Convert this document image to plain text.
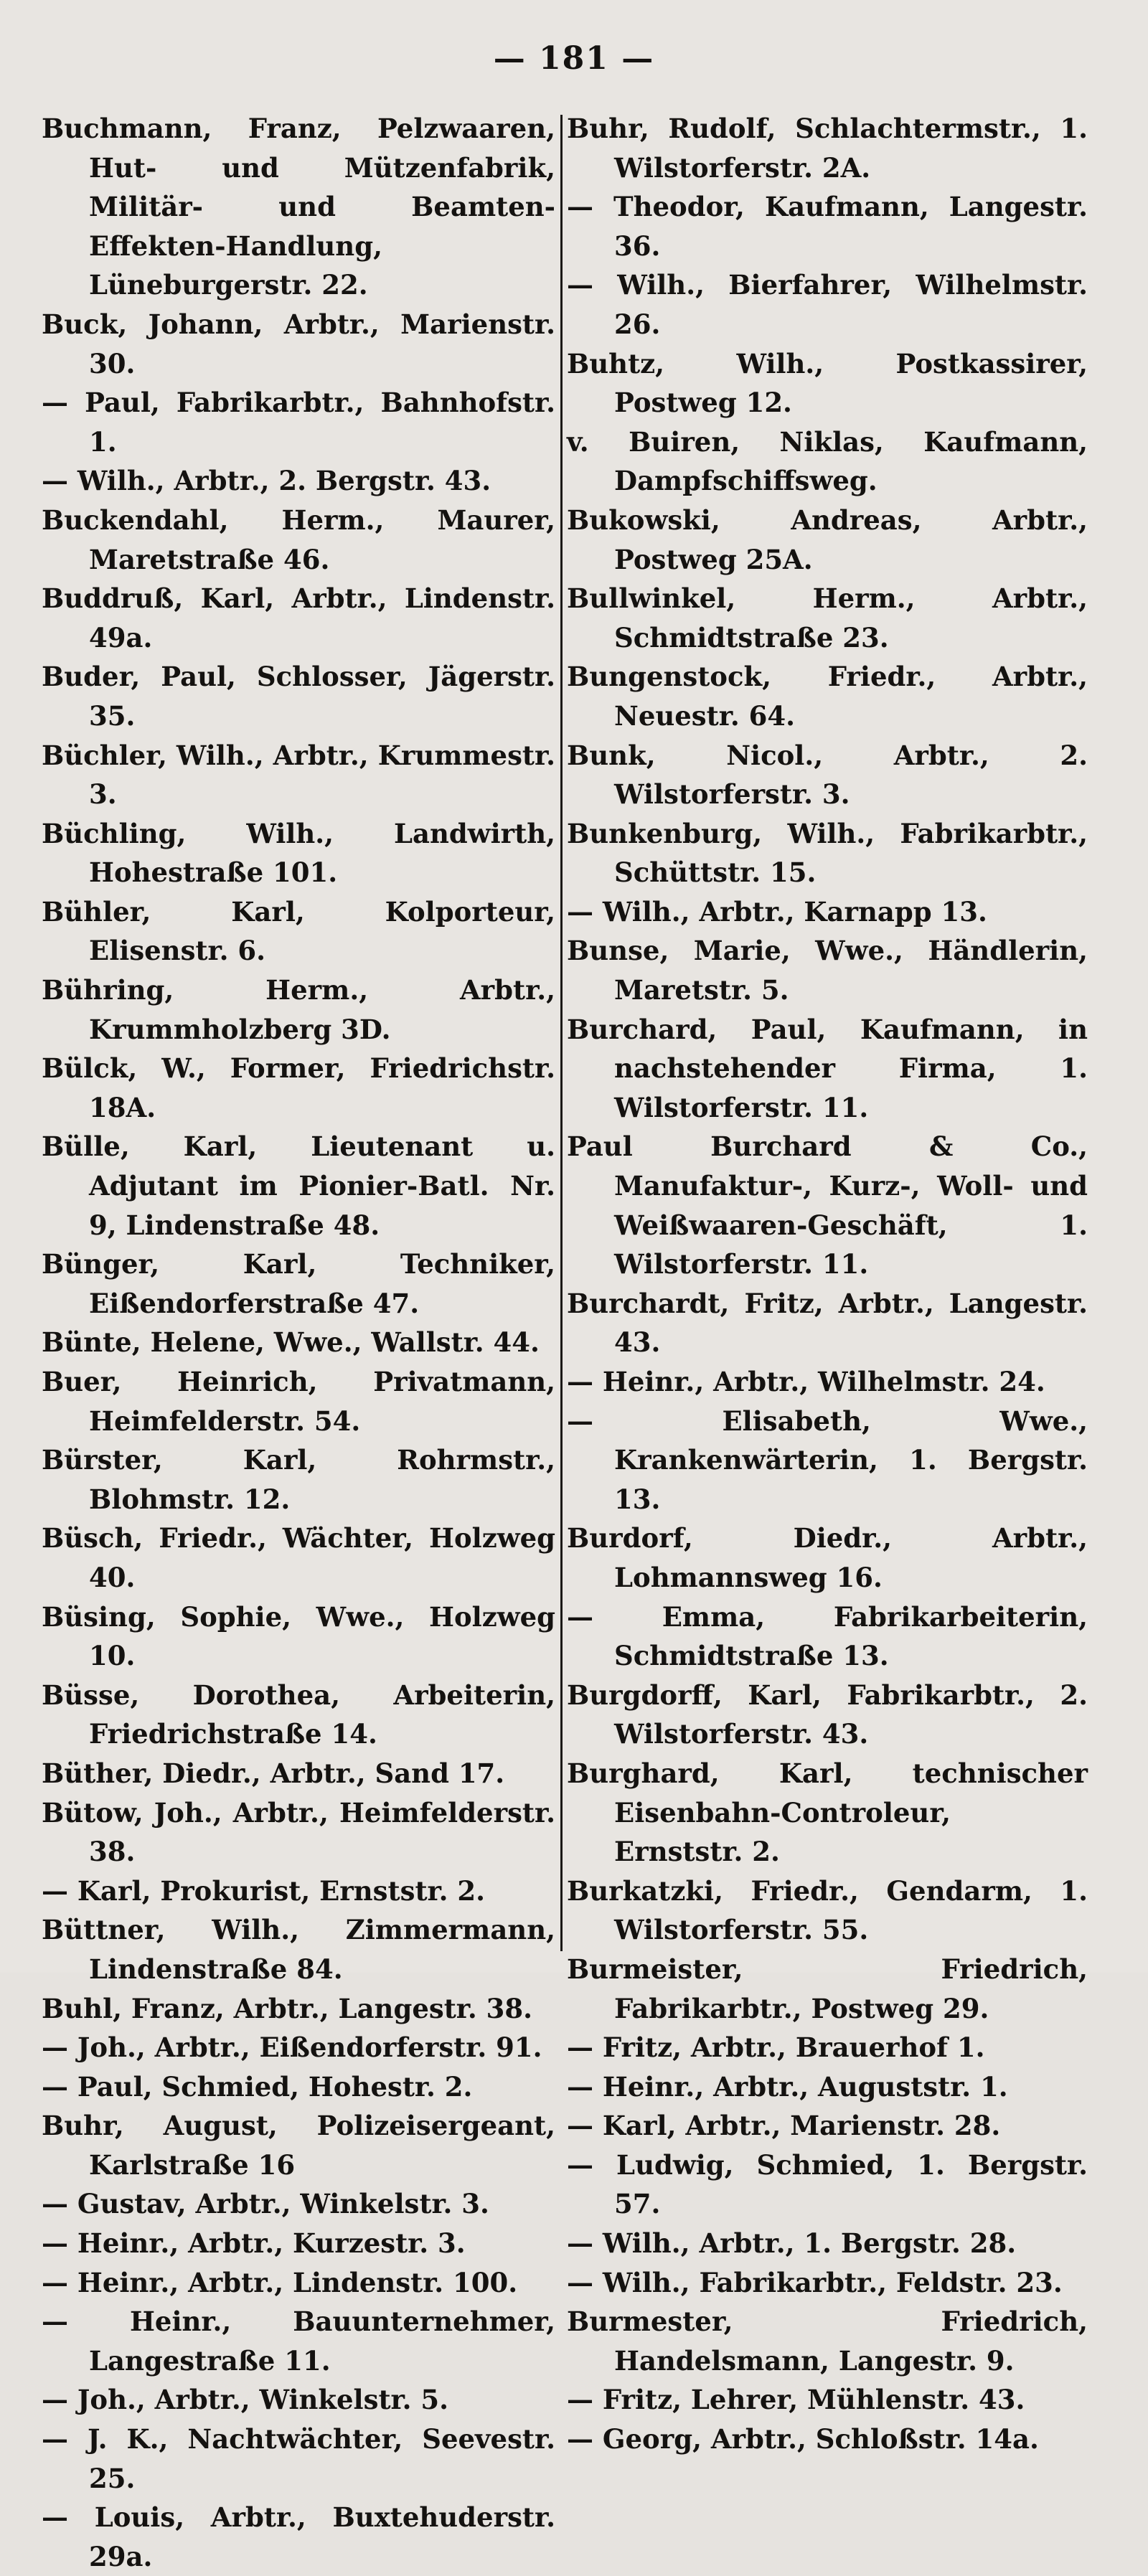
— 181 —

Buchmann, Franz, Pelzwaaren, Hut- und Mützenfabrik, Militär- und Beamten-Effekten-Handlung, Lüneburgerstr. 22.

Buck, Johann, Arbtr., Marienstr. 30.

— Paul, Fabrikarbtr., Bahnhofstr. 1.

— Wilh., Arbtr., 2. Bergstr. 43.

Buckendahl, Herm., Maurer, Maretstraße 46.

Buddruß, Karl, Arbtr., Lindenstr. 49a.

Buder, Paul, Schlosser, Jägerstr. 35.

Büchler, Wilh., Arbtr., Krummestr. 3.

Büchling, Wilh., Landwirth, Hohestraße 101.

Bühler, Karl, Kolporteur, Elisenstr. 6.

Bühring, Herm., Arbtr., Krummholzberg 3D.

Bülck, W., Former, Friedrichstr. 18A.

Bülle, Karl, Lieutenant u. Adjutant im Pionier-Batl. Nr. 9, Lindenstraße 48.

Bünger, Karl, Techniker, Eißendorferstraße 47.

Bünte, Helene, Wwe., Wallstr. 44.

Buer, Heinrich, Privatmann, Heimfelderstr. 54.

Bürster, Karl, Rohrmstr., Blohmstr. 12.

Büsch, Friedr., Wächter, Holzweg 40.

Büsing, Sophie, Wwe., Holzweg 10.

Büsse, Dorothea, Arbeiterin, Friedrichstraße 14.

Büther, Diedr., Arbtr., Sand 17.

Bütow, Joh., Arbtr., Heimfelderstr. 38.

— Karl, Prokurist, Ernststr. 2.

Büttner, Wilh., Zimmermann, Lindenstraße 84.

Buhl, Franz, Arbtr., Langestr. 38.

— Joh., Arbtr., Eißendorferstr. 91.

— Paul, Schmied, Hohestr. 2.

Buhr, August, Polizeisergeant, Karlstraße 16

— Gustav, Arbtr., Winkelstr. 3.

— Heinr., Arbtr., Kurzestr. 3.

— Heinr., Arbtr., Lindenstr. 100.

— Heinr., Bauunternehmer, Langestraße 11.

— Joh., Arbtr., Winkelstr. 5.

— J. K., Nachtwächter, Seevestr. 25.

— Louis, Arbtr., Buxtehuderstr. 29a.

Buhr, Rudolf, Schlachtermstr., 1. Wilstorferstr. 2A.

— Theodor, Kaufmann, Langestr. 36.

— Wilh., Bierfahrer, Wilhelmstr. 26.

Buhtz, Wilh., Postkassirer, Postweg 12.

v. Buiren, Niklas, Kaufmann, Dampfschiffsweg.

Bukowski, Andreas, Arbtr., Postweg 25A.

Bullwinkel, Herm., Arbtr., Schmidtstraße 23.

Bungenstock, Friedr., Arbtr., Neuestr. 64.

Bunk, Nicol., Arbtr., 2. Wilstorferstr. 3.

Bunkenburg, Wilh., Fabrikarbtr., Schüttstr. 15.

— Wilh., Arbtr., Karnapp 13.

Bunse, Marie, Wwe., Händlerin, Maretstr. 5.

Burchard, Paul, Kaufmann, in nachstehender Firma, 1. Wilstorferstr. 11.

Paul Burchard & Co., Manufaktur-, Kurz-, Woll- und Weißwaaren-Geschäft, 1. Wilstorferstr. 11.

Burchardt, Fritz, Arbtr., Langestr. 43.

— Heinr., Arbtr., Wilhelmstr. 24.

— Elisabeth, Wwe., Krankenwärterin, 1. Bergstr. 13.

Burdorf, Diedr., Arbtr., Lohmannsweg 16.

— Emma, Fabrikarbeiterin, Schmidtstraße 13.

Burgdorff, Karl, Fabrikarbtr., 2. Wilstorferstr. 43.

Burghard, Karl, technischer Eisenbahn-Controleur, Ernststr. 2.

Burkatzki, Friedr., Gendarm, 1. Wilstorferstr. 55.

Burmeister, Friedrich, Fabrikarbtr., Postweg 29.

— Fritz, Arbtr., Brauerhof 1.

— Heinr., Arbtr., Auguststr. 1.

— Karl, Arbtr., Marienstr. 28.

— Ludwig, Schmied, 1. Bergstr. 57.

— Wilh., Arbtr., 1. Bergstr. 28.

— Wilh., Fabrikarbtr., Feldstr. 23.

Burmester, Friedrich, Handelsmann, Langestr. 9.

— Fritz, Lehrer, Mühlenstr. 43.

— Georg, Arbtr., Schloßstr. 14a.
